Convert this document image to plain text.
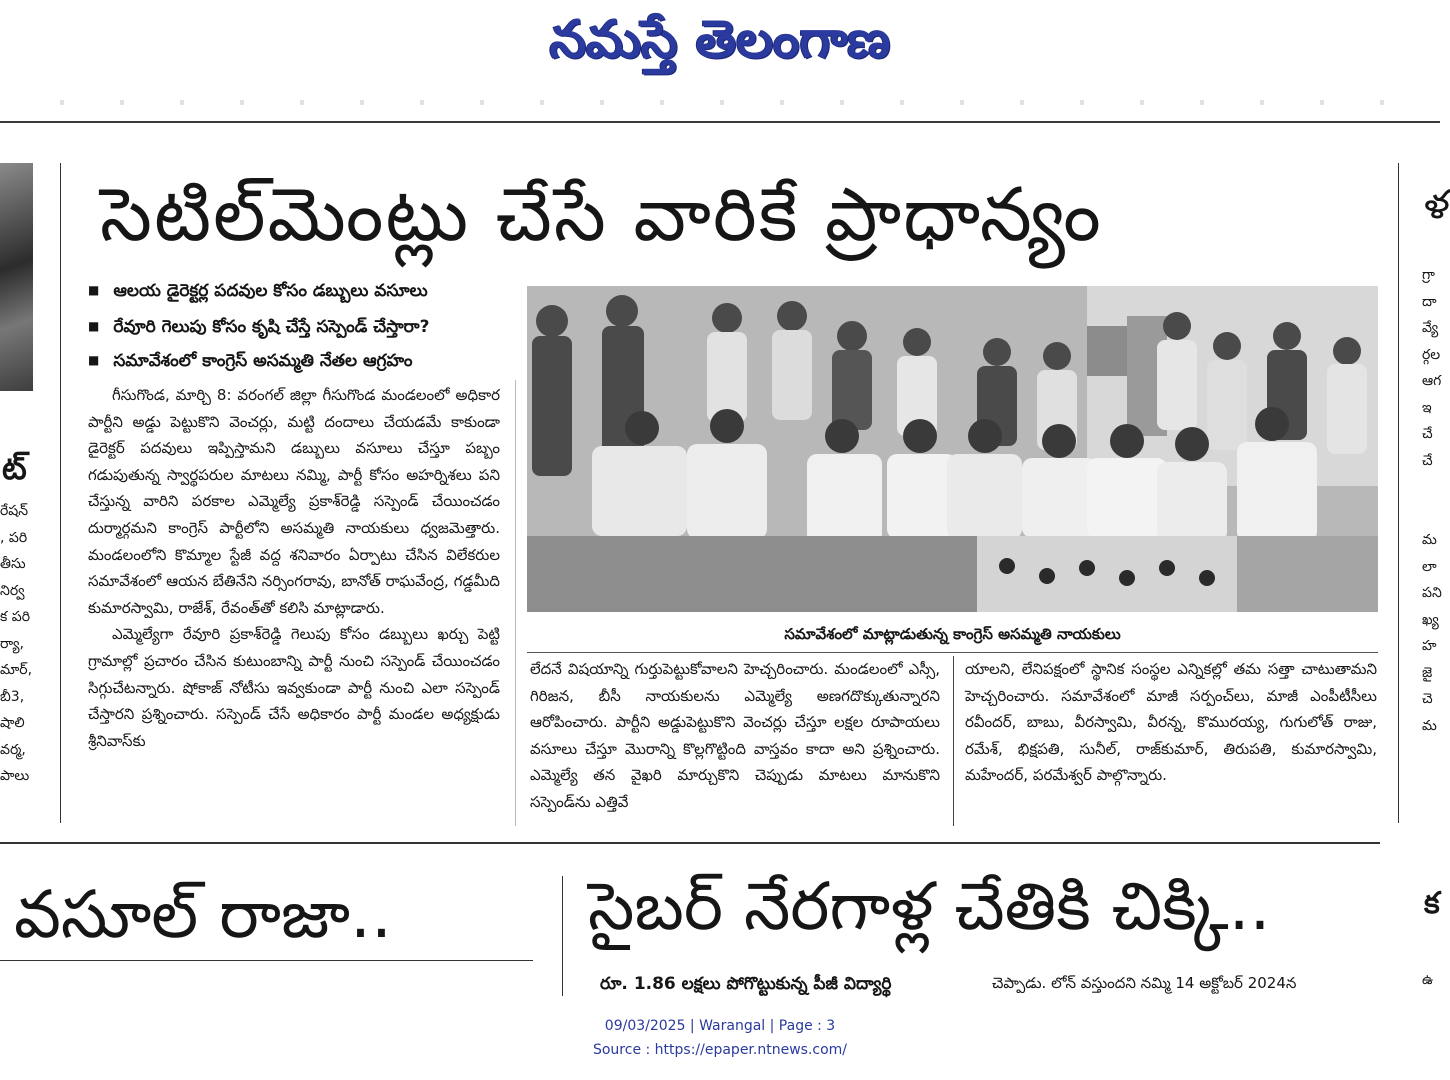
నమస్తే తెలంగాణ
ట్
రేషన్
, పరి
తీసు
నిర్వ
క పరి
ర్యా,
మార్,
బీ3,
షాలి
వర్మ,
పాలు
సెటిల్‌మెంట్లు చేసే వారికే ప్రాధాన్యం
■ ఆలయ డైరెక్టర్ల పదవుల కోసం డబ్బులు వసూలు
■ రేవూరి గెలుపు కోసం కృషి చేస్తే సస్పెండ్ చేస్తారా?
■ సమావేశంలో కాంగ్రెస్ అసమ్మతి నేతల ఆగ్రహం

గీసుగొండ, మార్చి 8: వరంగల్ జిల్లా గీసుగొండ మండలంలో అధికార పార్టీని అడ్డు పెట్టుకొని వెంచర్లు, మట్టి దందాలు చేయడమే కాకుండా డైరెక్టర్ పదవులు ఇప్పిస్తామని డబ్బులు వసూలు చేస్తూ పబ్బం గడుపుతున్న స్వార్థపరుల మాటలు నమ్మి, పార్టీ కోసం అహర్నిశలు పని చేస్తున్న వారిని పరకాల ఎమ్మెల్యే ప్రకాశ్‌రెడ్డి సస్పెండ్ చేయించడం దుర్మార్గమని కాంగ్రెస్ పార్టీలోని అసమ్మతి నాయకులు ధ్వజమెత్తారు. మండలంలోని కొమ్మాల స్టేజీ వద్ద శనివారం ఏర్పాటు చేసిన విలేకరుల సమావేశంలో ఆయన బేతినేని నర్సింగరావు, బానోత్ రాఘవేంద్ర, గడ్డమీది కుమారస్వామి, రాజేశ్, రేవంత్‌తో కలిసి మాట్లాడారు.

ఎమ్మెల్యేగా రేవూరి ప్రకాశ్‌రెడ్డి గెలుపు కోసం డబ్బులు ఖర్చు పెట్టి గ్రామాల్లో ప్రచారం చేసిన కుటుంబాన్ని పార్టీ నుంచి సస్పెండ్ చేయించడం సిగ్గుచేటన్నారు. షోకాజ్ నోటీసు ఇవ్వకుండా పార్టీ నుంచి ఎలా సస్పెండ్ చేస్తారని ప్రశ్నించారు. సస్పెండ్ చేసే అధికారం పార్టీ మండల అధ్యక్షుడు శ్రీనివాస్‌కు

సమావేశంలో మాట్లాడుతున్న కాంగ్రెస్ అసమ్మతి నాయకులు
లేదనే విషయాన్ని గుర్తుపెట్టుకోవాలని హెచ్చరించారు. మండలంలో ఎస్సీ, గిరిజన, బీసీ నాయకులను ఎమ్మెల్యే అణగదొక్కుతున్నారని ఆరోపించారు. పార్టీని అడ్డుపెట్టుకొని వెంచర్లు చేస్తూ లక్షల రూపాయలు వసూలు చేస్తూ మొరాన్ని కొల్లగొట్టింది వాస్తవం కాదా అని ప్రశ్నించారు. ఎమ్మెల్యే తన వైఖరి మార్చుకొని చెప్పుడు మాటలు మానుకొని సస్పెండ్‌ను ఎత్తివే
యాలని, లేనిపక్షంలో స్థానిక సంస్థల ఎన్నికల్లో తమ సత్తా చాటుతామని హెచ్చరించారు. సమావేశంలో మాజీ సర్పంచ్‌లు, మాజీ ఎంపీటీసీలు రవీందర్, బాబు, వీరస్వామి, వీరన్న, కొమురయ్య, గుగులోత్ రాజు, రమేశ్, భిక్షపతి, సునీల్, రాజ్‌కుమార్, తిరుపతి, కుమారస్వామి, మహేందర్, పరమేశ్వర్ పాల్గొన్నారు.
ళ
గ్రా
దా
వ్యే
ర్గల
ఆగ
ఇ
చే
చే

మ
లా
పని
ఖ్య
హ
జై
చె
మ
వసూల్ రాజా..	సైబర్ నేరగాళ్ల చేతికి చిక్కి..
రూ. 1.86 లక్షలు పోగొట్టుకున్న పీజీ విద్యార్థి	చెప్పాడు. లోన్ వస్తుందని నమ్మి 14 అక్టోబర్ 2024న
క
ఉ
09/03/2025 | Warangal | Page : 3
Source : https://epaper.ntnews.com/
